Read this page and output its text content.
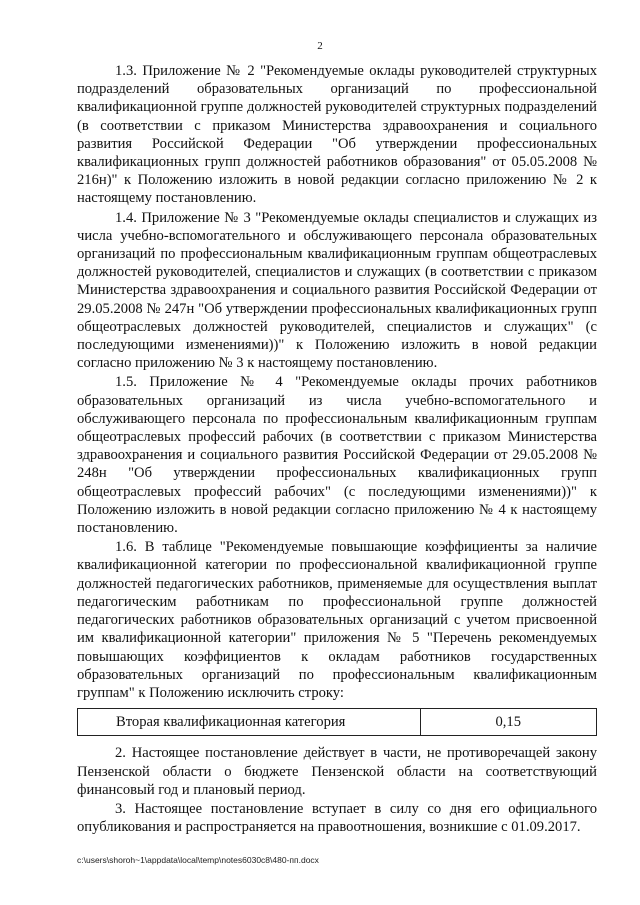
2

1.3. Приложение № 2 "Рекомендуемые оклады руководителей структурных подразделений образовательных организаций по профессиональной квалификационной группе должностей руководителей структурных подразделений (в соответствии с приказом Министерства здравоохранения и социального развития Российской Федерации "Об утверждении профессиональных квалификационных групп должностей работников образования" от 05.05.2008 № 216н)" к Положению изложить в новой редакции согласно приложению № 2 к настоящему постановлению.

1.4. Приложение № 3 "Рекомендуемые оклады специалистов и служащих из числа учебно-вспомогательного и обслуживающего персонала образовательных организаций по профессиональным квалификационным группам общеотраслевых должностей руководителей, специалистов и служащих (в соответствии с приказом Министерства здравоохранения и социального развития Российской Федерации от 29.05.2008 № 247н "Об утверждении профессиональных квалификационных групп общеотраслевых должностей руководителей, специалистов и служащих" (с последующими изменениями))" к Положению изложить в новой редакции согласно приложению № 3 к настоящему постановлению.

1.5. Приложение № 4 "Рекомендуемые оклады прочих работников образовательных организаций из числа учебно-вспомогательного и обслуживающего персонала по профессиональным квалификационным группам общеотраслевых профессий рабочих (в соответствии с приказом Министерства здравоохранения и социального развития Российской Федерации от 29.05.2008 № 248н "Об утверждении профессиональных квалификационных групп общеотраслевых профессий рабочих" (с последующими изменениями))" к Положению изложить в новой редакции согласно приложению № 4 к настоящему постановлению.

1.6. В таблице "Рекомендуемые повышающие коэффициенты за наличие квалификационной категории по профессиональной квалификационной группе должностей педагогических работников, применяемые для осуществления выплат педагогическим работникам по профессиональной группе должностей педагогических работников образовательных организаций с учетом присвоенной им квалификационной категории" приложения № 5 "Перечень рекомендуемых повышающих коэффициентов к окладам работников государственных образовательных организаций по профессиональным квалификационным группам" к Положению исключить строку:

Вторая квалификационная категория	0,15

2. Настоящее постановление действует в части, не противоречащей закону Пензенской области о бюджете Пензенской области на соответствующий финансовый год и плановый период.

3. Настоящее постановление вступает в силу со дня его официального опубликования и распространяется на правоотношения, возникшие с 01.09.2017.

c:\users\shoroh~1\appdata\local\temp\notes6030c8\480-пп.docx
